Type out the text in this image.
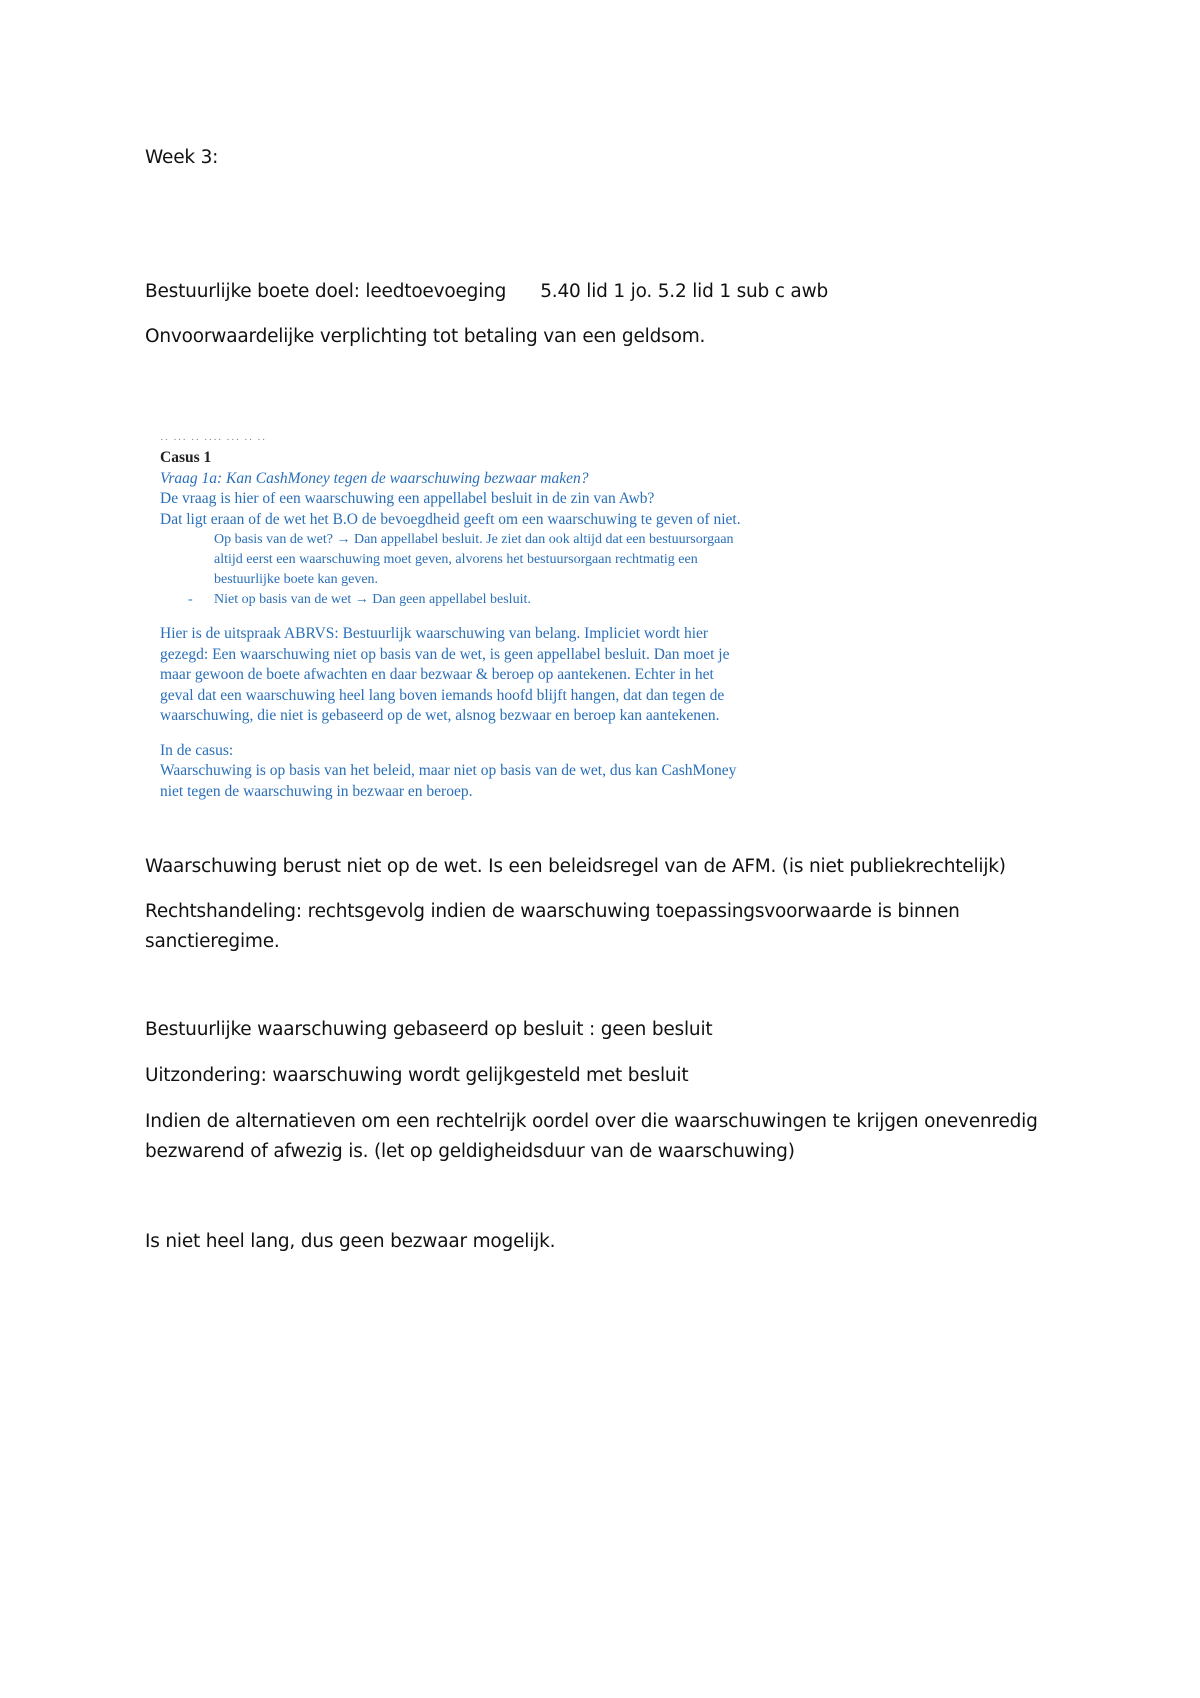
Week 3:
Bestuurlijke boete doel: leedtoevoeging 5.40 lid 1 jo. 5.2 lid 1 sub c awb
Onvoorwaardelijke verplichting tot betaling van een geldsom.
·· ··· ·· ···· ··· ·· ··

Casus 1

Vraag 1a: Kan CashMoney tegen de waarschuwing bezwaar maken?

De vraag is hier of een waarschuwing een appellabel besluit in de zin van Awb?

Dat ligt eraan of de wet het B.O de bevoegdheid geeft om een waarschuwing te geven of niet.

Op basis van de wet? → Dan appellabel besluit. Je ziet dan ook altijd dat een bestuursorgaan

altijd eerst een waarschuwing moet geven, alvorens het bestuursorgaan rechtmatig een

bestuurlijke boete kan geven.

-	Niet op basis van de wet → Dan geen appellabel besluit.

Hier is de uitspraak ABRVS: Bestuurlijk waarschuwing van belang. Impliciet wordt hier

gezegd: Een waarschuwing niet op basis van de wet, is geen appellabel besluit. Dan moet je

maar gewoon de boete afwachten en daar bezwaar & beroep op aantekenen. Echter in het

geval dat een waarschuwing heel lang boven iemands hoofd blijft hangen, dat dan tegen de

waarschuwing, die niet is gebaseerd op de wet, alsnog bezwaar en beroep kan aantekenen.

In de casus:

Waarschuwing is op basis van het beleid, maar niet op basis van de wet, dus kan CashMoney

niet tegen de waarschuwing in bezwaar en beroep.

Waarschuwing berust niet op de wet. Is een beleidsregel van de AFM. (is niet publiekrechtelijk)
Rechtshandeling: rechtsgevolg indien de waarschuwing toepassingsvoorwaarde is binnen sanctieregime.
Bestuurlijke waarschuwing gebaseerd op besluit : geen besluit
Uitzondering: waarschuwing wordt gelijkgesteld met besluit
Indien de alternatieven om een rechtelrijk oordel over die waarschuwingen te krijgen onevenredig bezwarend of afwezig is. (let op geldigheidsduur van de waarschuwing)
Is niet heel lang, dus geen bezwaar mogelijk.
